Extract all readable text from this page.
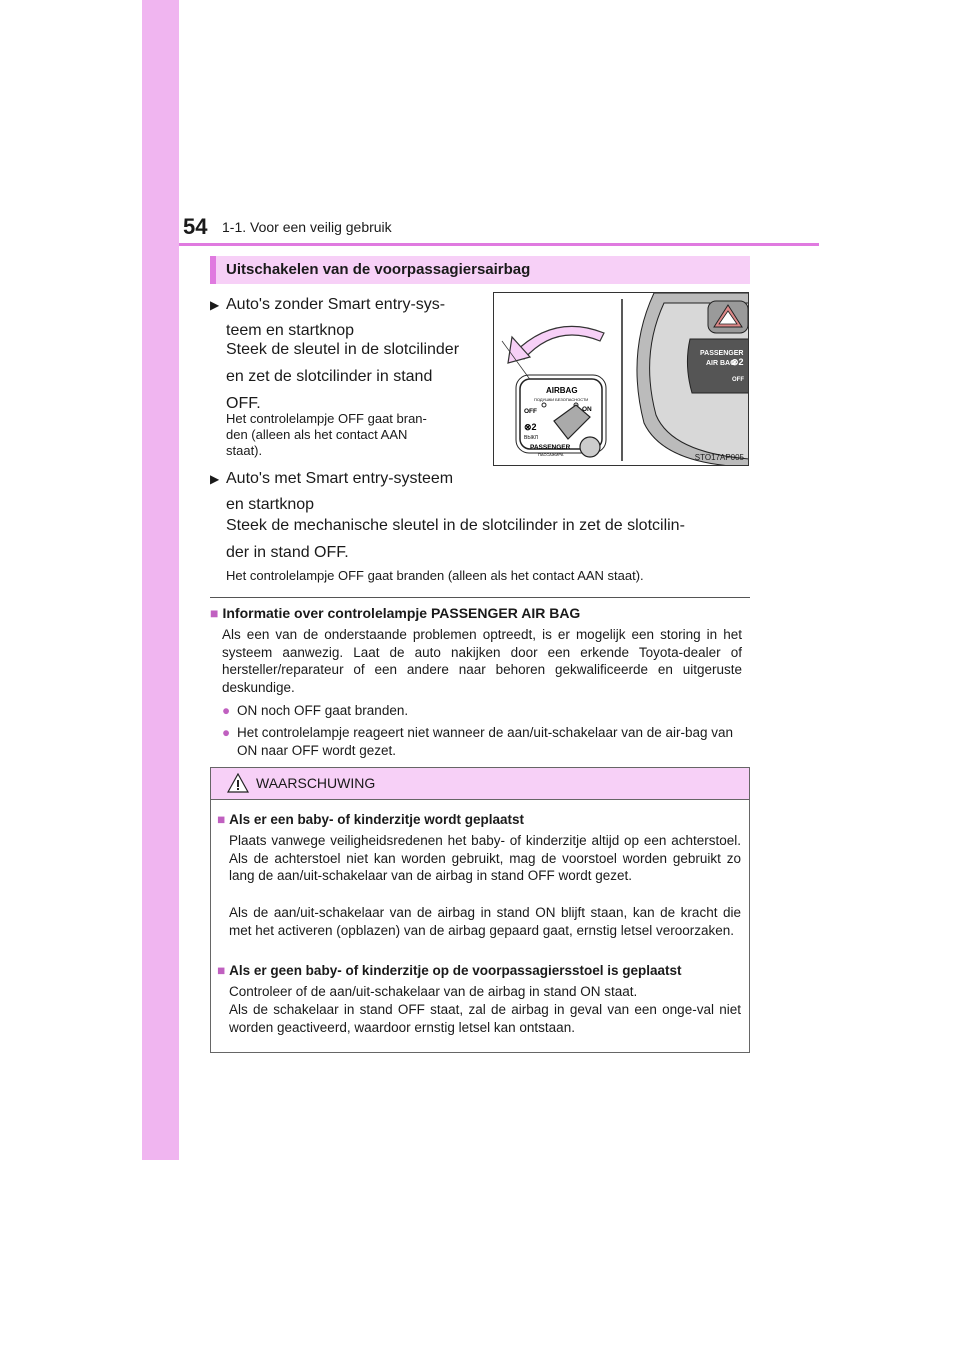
54 1-1. Voor een veilig gebruik
Uitschakelen van de voorpassagiersairbag
▶ Auto's zonder Smart entry-sys-
teem en startknop
Steek de sleutel in de slotcilinder
en zet de slotcilinder in stand
OFF.
Het controlelampje OFF gaat bran-
den (alleen als het contact AAN
staat).
▶ Auto's met Smart entry-systeem
en startknop
Steek de mechanische sleutel in de slotcilinder in zet de slotcilin-
der in stand OFF.
Het controlelampje OFF gaat branden (alleen als het contact AAN staat).
AIRBAG
ПОДУШКИ БЕЗОПАСНОСТИ
OFF	ON
ВЫКЛ
⊗2
PASSENGER
ПАССАЖИРА
PASSENGER
AIR BAG
⊗2
OFF
STO17AP005
■ Informatie over controlelampje PASSENGER AIR BAG
Als een van de onderstaande problemen optreedt, is er mogelijk een storing in het systeem aanwezig. Laat de auto nakijken door een erkende Toyota-dealer of hersteller/reparateur of een andere naar behoren gekwalificeerde en uitgeruste deskundige.
● ON noch OFF gaat branden.
● Het controlelampje reageert niet wanneer de aan/uit-schakelaar van de air-bag van ON naar OFF wordt gezet.
WAARSCHUWING
■ Als er een baby- of kinderzitje wordt geplaatst
Plaats vanwege veiligheidsredenen het baby- of kinderzitje altijd op een achterstoel. Als de achterstoel niet kan worden gebruikt, mag de voorstoel worden gebruikt zo lang de aan/uit-schakelaar van de airbag in stand OFF wordt gezet.
Als de aan/uit-schakelaar van de airbag in stand ON blijft staan, kan de kracht die met het activeren (opblazen) van de airbag gepaard gaat, ernstig letsel veroorzaken.
■ Als er geen baby- of kinderzitje op de voorpassagiersstoel is geplaatst
Controleer of de aan/uit-schakelaar van de airbag in stand ON staat.
Als de schakelaar in stand OFF staat, zal de airbag in geval van een onge-val niet worden geactiveerd, waardoor ernstig letsel kan ontstaan.
